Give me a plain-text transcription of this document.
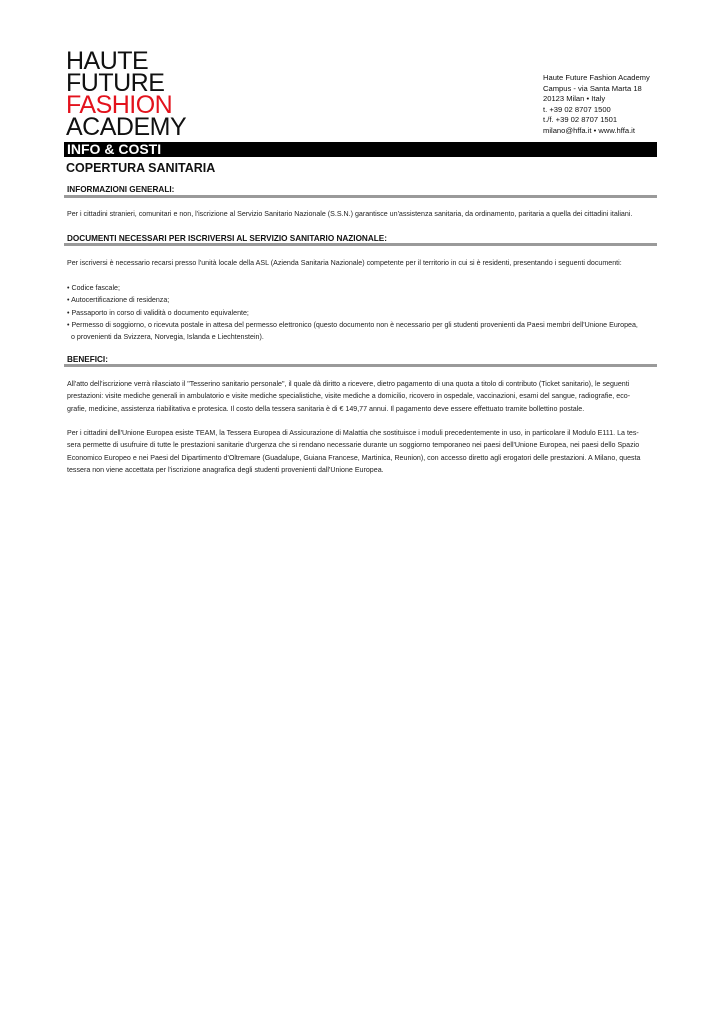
HAUTE
FUTURE
FASHION
ACADEMY
Haute Future Fashion Academy
Campus - via Santa Marta 18
20123 Milan • Italy
t. +39 02 8707 1500
t./f. +39 02 8707 1501
milano@hffa.it • www.hffa.it
INFO & COSTI
COPERTURA SANITARIA
INFORMAZIONI GENERALI:
Per i cittadini stranieri, comunitari e non, l'iscrizione al Servizio Sanitario Nazionale (S.S.N.) garantisce un'assistenza sanitaria, da ordinamento, paritaria a quella dei cittadini italiani.
DOCUMENTI NECESSARI PER ISCRIVERSI AL SERVIZIO SANITARIO NAZIONALE:
Per iscriversi è necessario recarsi presso l'unità locale della ASL (Azienda Sanitaria Nazionale) competente per il territorio in cui si è residenti, presentando i seguenti documenti:
• Codice fascale;
• Autocertificazione di residenza;
• Passaporto in corso di validità o documento equivalente;
• Permesso di soggiorno, o ricevuta postale in attesa del permesso elettronico (questo documento non è necessario per gli studenti provenienti da Paesi membri dell'Unione Europea,
o provenienti da Svizzera, Norvegia, Islanda e Liechtenstein).
BENEFICI:
All'atto dell'iscrizione verrà rilasciato il "Tesserino sanitario personale", il quale dà diritto a ricevere, dietro pagamento di una quota a titolo di contributo (Ticket sanitario), le seguenti
prestazioni: visite mediche generali in ambulatorio e visite mediche specialistiche, visite mediche a domicilio, ricovero in ospedale, vaccinazioni, esami del sangue, radiografie, eco-
grafie, medicine, assistenza riabilitativa e protesica. Il costo della tessera sanitaria è di € 149,77 annui. Il pagamento deve essere effettuato tramite bollettino postale.
Per i cittadini dell'Unione Europea esiste TEAM, la Tessera Europea di Assicurazione di Malattia che sostituisce i moduli precedentemente in uso, in particolare il Modulo E111. La tes-
sera permette di usufruire di tutte le prestazioni sanitarie d'urgenza che si rendano necessarie durante un soggiorno temporaneo nei paesi dell'Unione Europea, nei paesi dello Spazio
Economico Europeo e nei Paesi del Dipartimento d'Oltremare (Guadalupe, Guiana Francese, Martinica, Reunion), con accesso diretto agli erogatori delle prestazioni. A Milano, questa
tessera non viene accettata per l'iscrizione anagrafica degli studenti provenienti dall'Unione Europea.
